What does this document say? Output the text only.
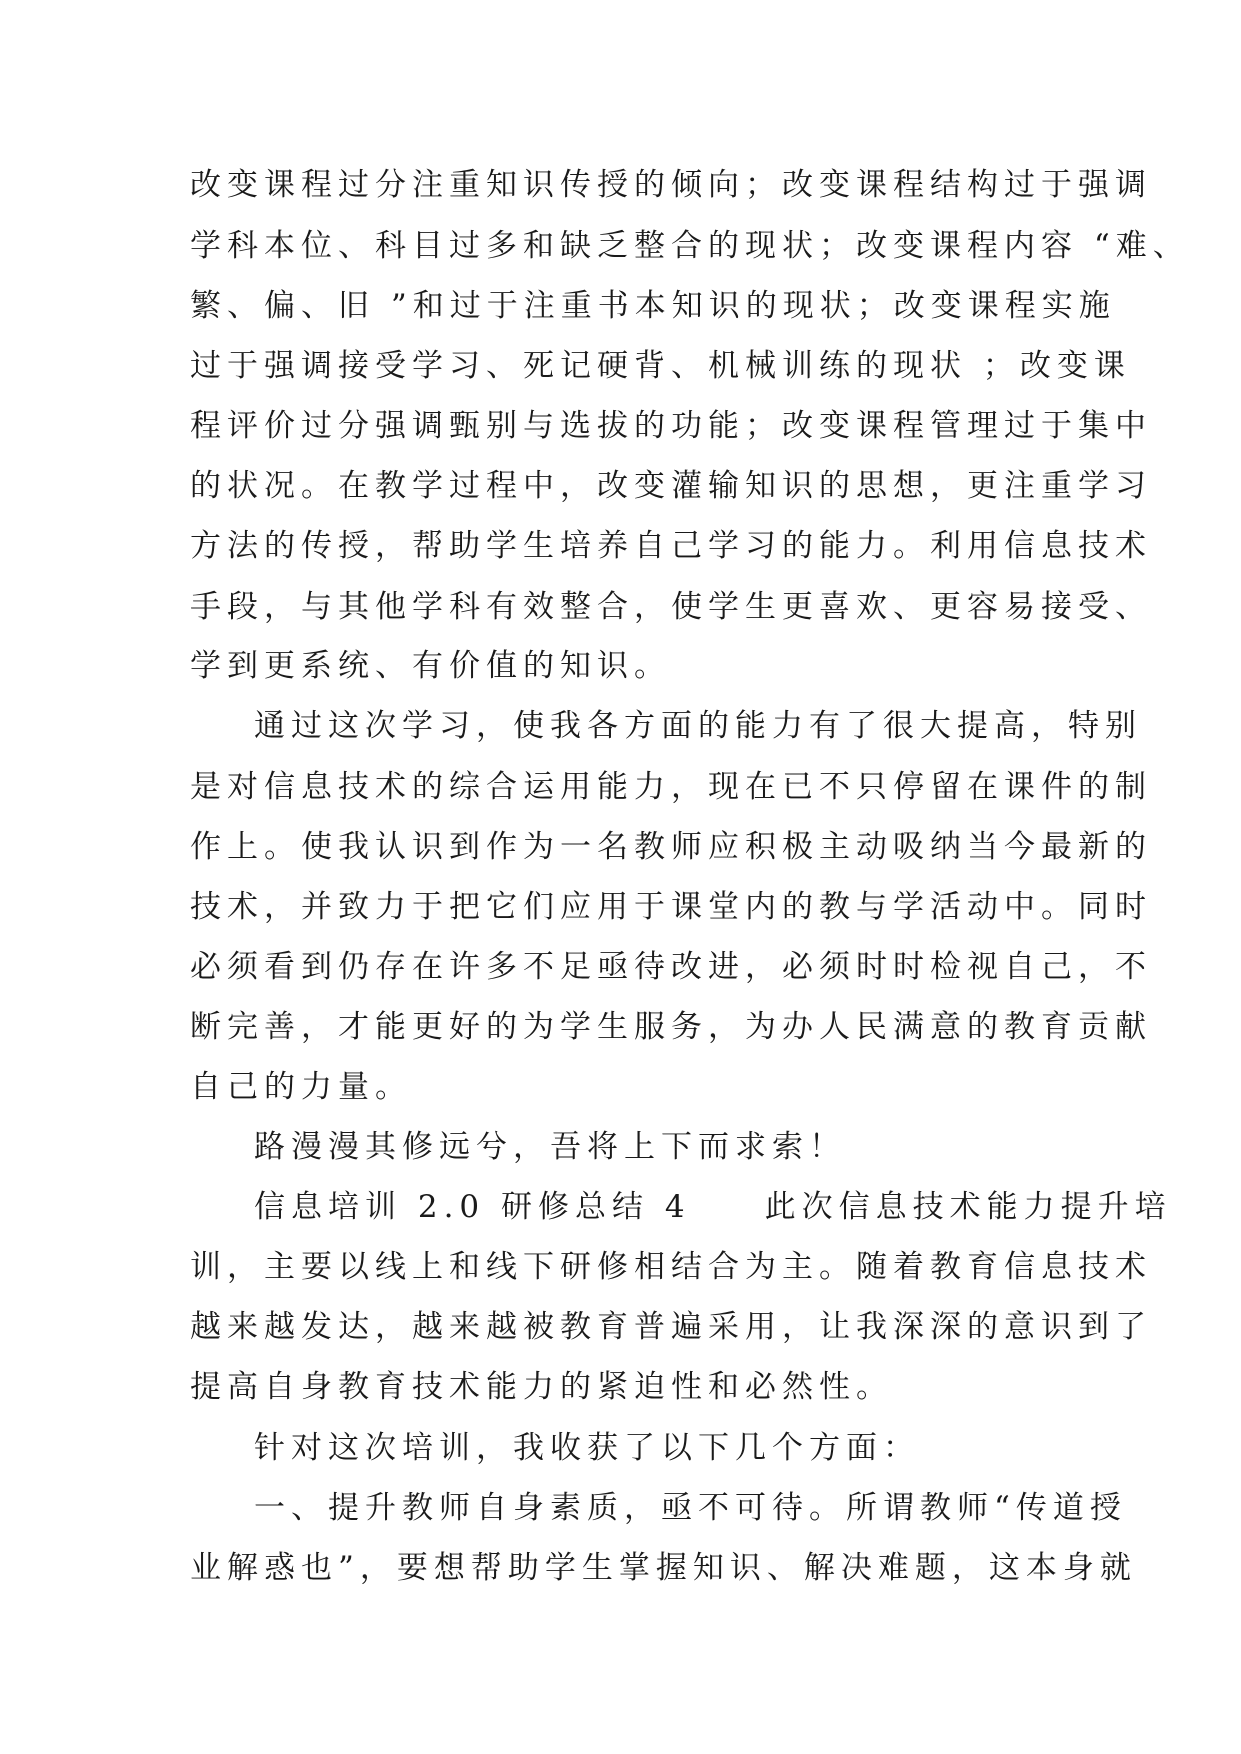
改变课程过分注重知识传授的倾向；改变课程结构过于强调
学科本位、科目过多和缺乏整合的现状；改变课程内容 “难、
繁、偏、旧 ”和过于注重书本知识的现状；改变课程实施
过于强调接受学习、死记硬背、机械训练的现状 ；改变课
程评价过分强调甄别与选拔的功能；改变课程管理过于集中
的状况。在教学过程中，改变灌输知识的思想，更注重学习
方法的传授，帮助学生培养自己学习的能力。利用信息技术
手段，与其他学科有效整合，使学生更喜欢、更容易接受、
学到更系统、有价值的知识。
通过这次学习，使我各方面的能力有了很大提高，特别
是对信息技术的综合运用能力，现在已不只停留在课件的制
作上。使我认识到作为一名教师应积极主动吸纳当今最新的
技术，并致力于把它们应用于课堂内的教与学活动中。同时
必须看到仍存在许多不足亟待改进，必须时时检视自己，不
断完善，才能更好的为学生服务，为办人民满意的教育贡献
自己的力量。
路漫漫其修远兮，吾将上下而求索！
信息培训 2.0 研修总结 4　　此次信息技术能力提升培
训，主要以线上和线下研修相结合为主。随着教育信息技术
越来越发达，越来越被教育普遍采用，让我深深的意识到了
提高自身教育技术能力的紧迫性和必然性。
针对这次培训，我收获了以下几个方面：
一、提升教师自身素质，亟不可待。所谓教师“传道授
业解惑也”，要想帮助学生掌握知识、解决难题，这本身就
